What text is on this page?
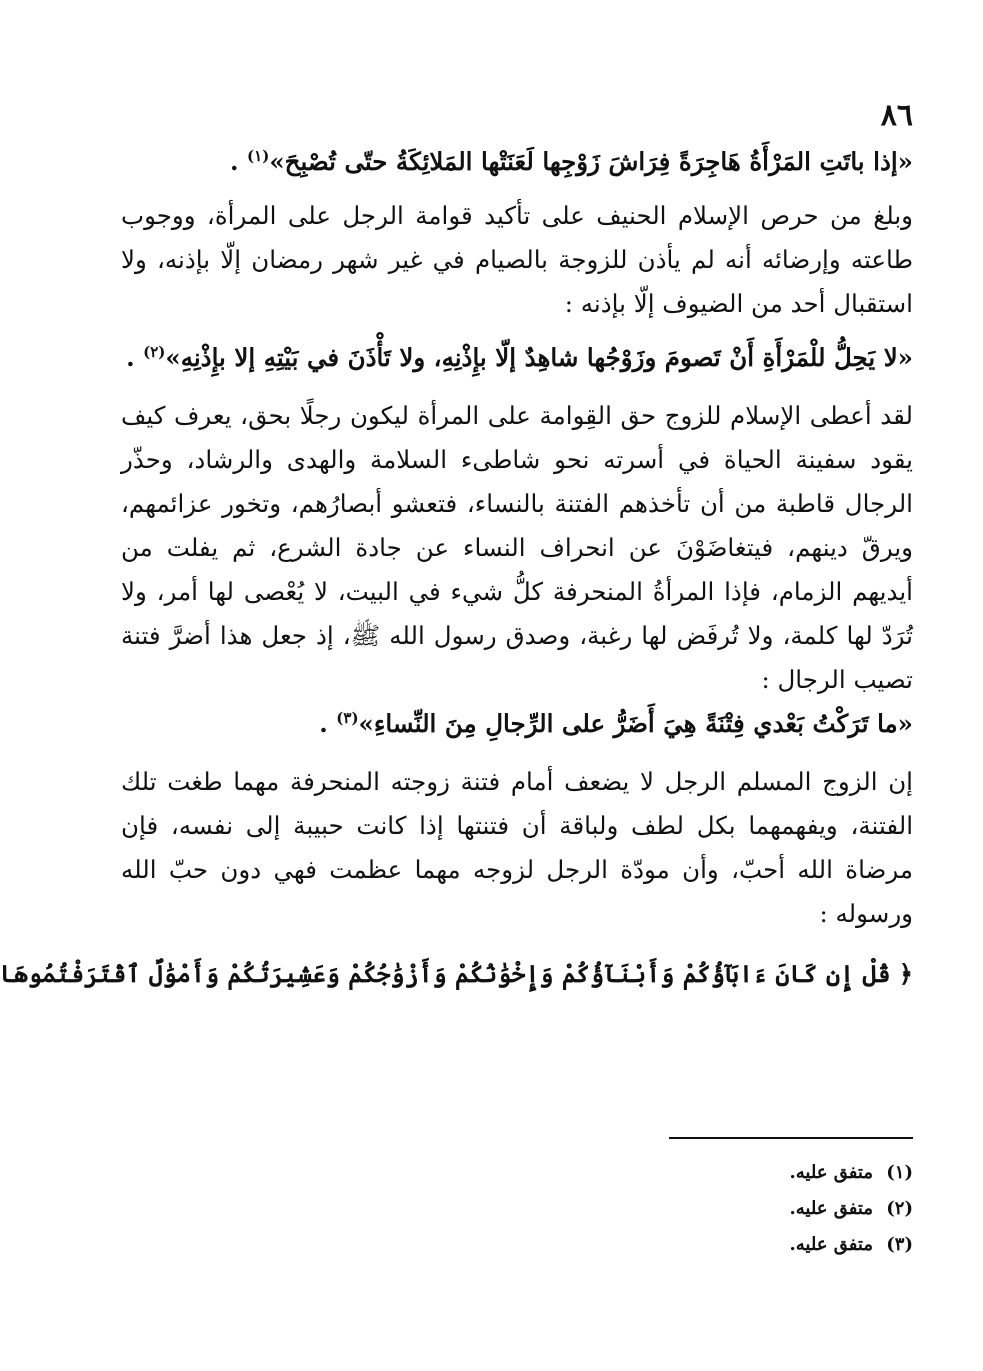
٨٦

«إذا باتَتِ المَرْأَةُ هَاجِرَةً فِرَاشَ زَوْجِها لَعَنَتْها المَلائِكَةُ حتّى تُصْبِحَ»$^{(١)}$ .

وبلغ من حرص الإسلام الحنيف على تأكيد قوامة الرجل على المرأة، ووجوب طاعته وإرضائه أنه لم يأذن للزوجة بالصيام في غير شهر رمضان إلّا بإذنه، ولا استقبال أحد من الضيوف إلّا بإذنه :

«لا يَحِلُّ للْمَرْأَةِ أَنْ تَصومَ وزَوْجُها شاهِدٌ إلّا بإِذْنِهِ، ولا تَأْذَنَ في بَيْتِهِ إلا بإِذْنِهِ»$^{(٢)}$ .

لقد أعطى الإسلام للزوج حق القِوامة على المرأة ليكون رجلًا بحق، يعرف كيف يقود سفينة الحياة في أسرته نحو شاطىء السلامة والهدى والرشاد، وحذّر الرجال قاطبة من أن تأخذهم الفتنة بالنساء، فتعشو أبصارُهم، وتخور عزائمهم، ويرقّ دينهم، فيتغاضَوْنَ عن انحراف النساء عن جادة الشرع، ثم يفلت من أيديهم الزمام، فإذا المرأةُ المنحرفة كلُّ شيء في البيت، لا يُعْصى لها أمر، ولا تُرَدّ لها كلمة، ولا تُرفَض لها رغبة، وصدق رسول الله ﷺ، إذ جعل هذا أضرَّ فتنة تصيب الرجال :

«ما تَرَكْتُ بَعْدي فِتْنَةً هِيَ أَضَرُّ على الرِّجالِ مِنَ النِّساءِ»$^{(٣)}$ .

إن الزوج المسلم الرجل لا يضعف أمام فتنة زوجته المنحرفة مهما طغت تلك الفتنة، ويفهمهما بكل لطف ولباقة أن فتنتها إذا كانت حبيبة إلى نفسه، فإن مرضاة الله أحبّ، وأن مودّة الرجل لزوجه مهما عظمت فهي دون حبّ الله ورسوله :

﴿ قُلْ إِن كَانَ ءَابَآؤُكُمْ وَأَبْنَآؤُكُمْ وَإِخْوَٰنُكُمْ وَأَزْوَٰجُكُمْ وَعَشِيرَتُكُمْ وَأَمْوَٰلٌ ٱقْتَرَفْتُمُوهَا

(١)متفق عليه.

(٢)متفق عليه.

(٣)متفق عليه.
